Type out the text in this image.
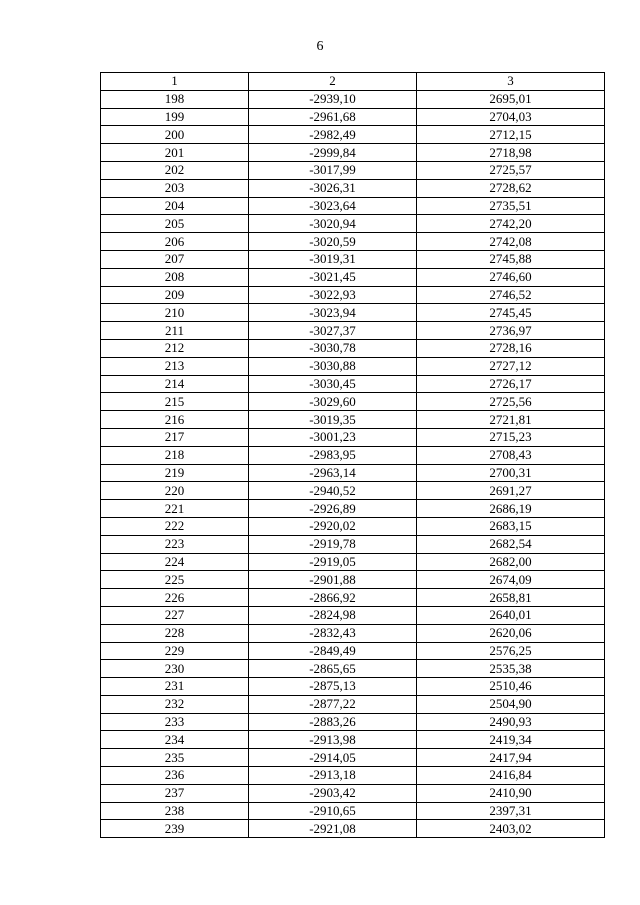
6
1	2	3
198	-2939,10	2695,01
199	-2961,68	2704,03
200	-2982,49	2712,15
201	-2999,84	2718,98
202	-3017,99	2725,57
203	-3026,31	2728,62
204	-3023,64	2735,51
205	-3020,94	2742,20
206	-3020,59	2742,08
207	-3019,31	2745,88
208	-3021,45	2746,60
209	-3022,93	2746,52
210	-3023,94	2745,45
211	-3027,37	2736,97
212	-3030,78	2728,16
213	-3030,88	2727,12
214	-3030,45	2726,17
215	-3029,60	2725,56
216	-3019,35	2721,81
217	-3001,23	2715,23
218	-2983,95	2708,43
219	-2963,14	2700,31
220	-2940,52	2691,27
221	-2926,89	2686,19
222	-2920,02	2683,15
223	-2919,78	2682,54
224	-2919,05	2682,00
225	-2901,88	2674,09
226	-2866,92	2658,81
227	-2824,98	2640,01
228	-2832,43	2620,06
229	-2849,49	2576,25
230	-2865,65	2535,38
231	-2875,13	2510,46
232	-2877,22	2504,90
233	-2883,26	2490,93
234	-2913,98	2419,34
235	-2914,05	2417,94
236	-2913,18	2416,84
237	-2903,42	2410,90
238	-2910,65	2397,31
239	-2921,08	2403,02
